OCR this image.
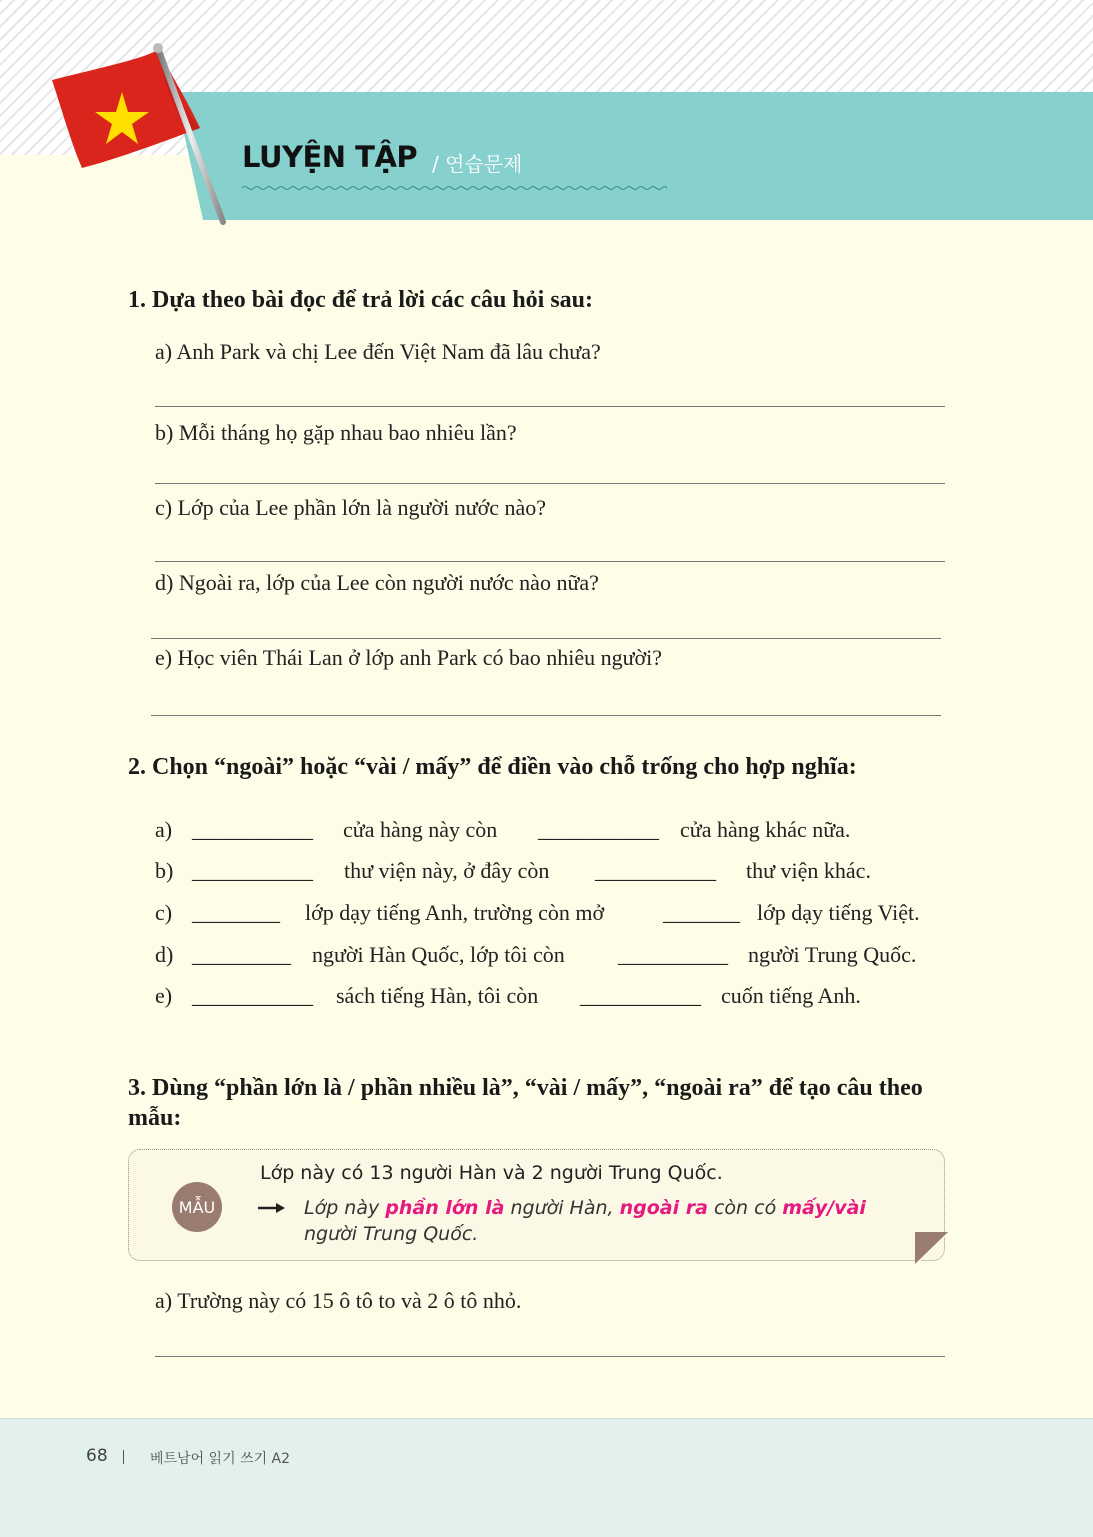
LUYỆN TẬP / 연습문제
1. Dựa theo bài đọc để trả lời các câu hỏi sau:
a) Anh Park và chị Lee đến Việt Nam đã lâu chưa?
b) Mỗi tháng họ gặp nhau bao nhiêu lần?
c) Lớp của Lee phần lớn là người nước nào?
d) Ngoài ra, lớp của Lee còn người nước nào nữa?
e) Học viên Thái Lan ở lớp anh Park có bao nhiêu người?
2. Chọn “ngoài” hoặc “vài / mấy” để điền vào chỗ trống cho hợp nghĩa:
a) ___________ cửa hàng này còn ___________ cửa hàng khác nữa.
b) ___________ thư viện này, ở đây còn ___________ thư viện khác.
c) ________ lớp dạy tiếng Anh, trường còn mở	_______ lớp dạy tiếng Việt.
d) _________ người Hàn Quốc, lớp tôi còn __________ người Trung Quốc.
e) ___________ sách tiếng Hàn, tôi còn ___________ cuốn tiếng Anh.
3. Dùng “phần lớn là / phần nhiều là”, “vài / mấy”, “ngoài ra” để tạo câu theo mẫu:
MẪU
Lớp này có 13 người Hàn và 2 người Trung Quốc.
Lớp này phần lớn là người Hàn, ngoài ra còn có mấy/vài người Trung Quốc.
a) Trường này có 15 ô tô to và 2 ô tô nhỏ.
68	베트남어 읽기 쓰기 A2
